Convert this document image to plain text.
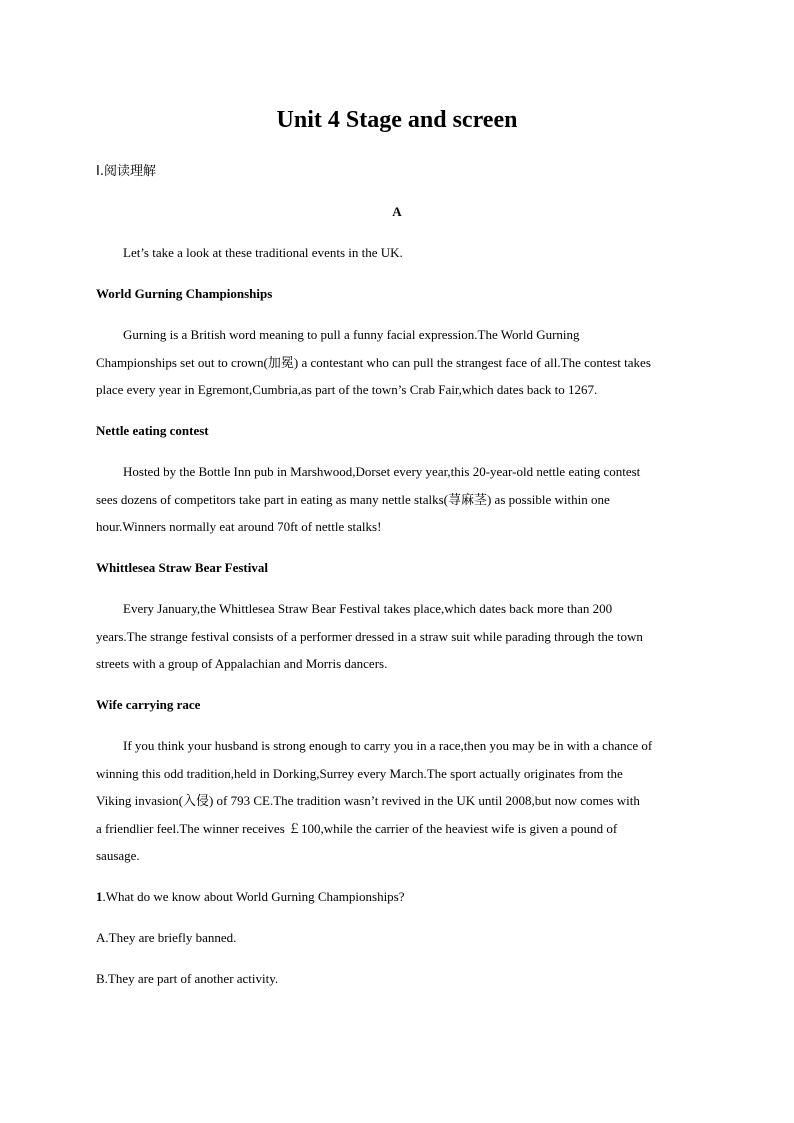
Unit 4 Stage and screen
Ⅰ.阅读理解
A

Let’s take a look at these traditional events in the UK.

World Gurning Championships

Gurning is a British word meaning to pull a funny facial expression.The World Gurning

Championships set out to crown(加冕) a contestant who can pull the strangest face of all.The contest takes

place every year in Egremont,Cumbria,as part of the town’s Crab Fair,which dates back to 1267.

Nettle eating contest

Hosted by the Bottle Inn pub in Marshwood,Dorset every year,this 20-year-old nettle eating contest

sees dozens of competitors take part in eating as many nettle stalks(荨麻茎) as possible within one

hour.Winners normally eat around 70ft of nettle stalks!

Whittlesea Straw Bear Festival

Every January,the Whittlesea Straw Bear Festival takes place,which dates back more than 200

years.The strange festival consists of a performer dressed in a straw suit while parading through the town

streets with a group of Appalachian and Morris dancers.

Wife carrying race

If you think your husband is strong enough to carry you in a race,then you may be in with a chance of

winning this odd tradition,held in Dorking,Surrey every March.The sport actually originates from the

Viking invasion(入侵) of 793 CE.The tradition wasn’t revived in the UK until 2008,but now comes with

a friendlier feel.The winner receives ￡100,while the carrier of the heaviest wife is given a pound of

sausage.

1.What do we know about World Gurning Championships?

A.They are briefly banned.

B.They are part of another activity.
